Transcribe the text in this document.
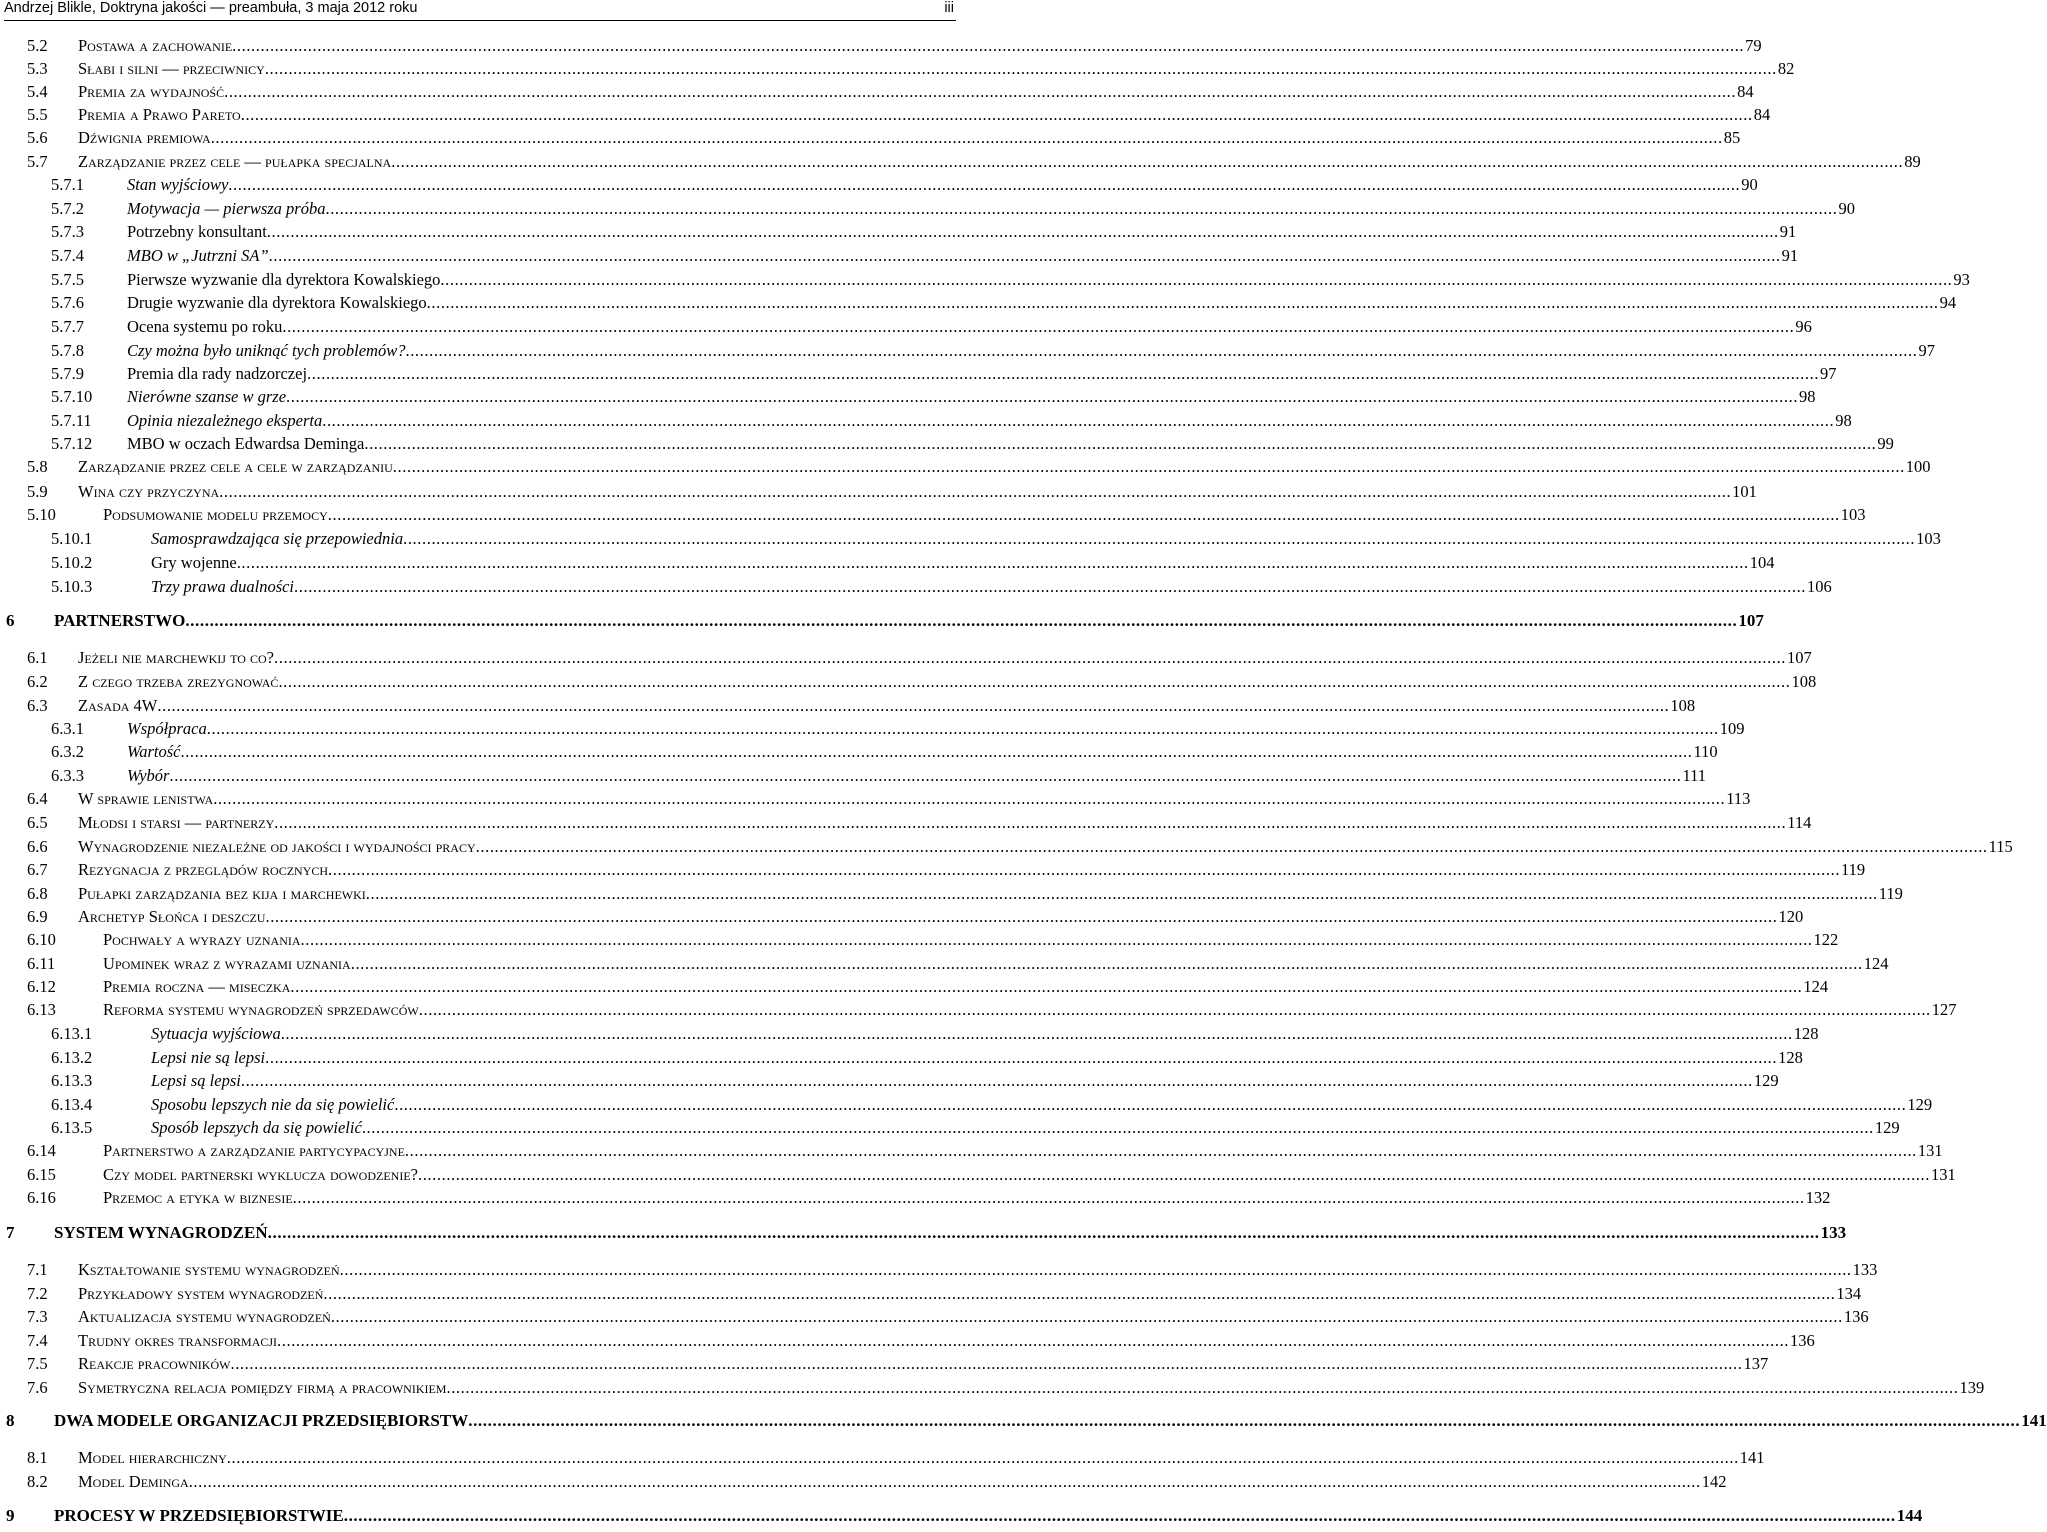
Andrzej Blikle, Doktryna jakości — preambuła, 3 maja 2012 roku	iii
5.2	Postawa a zachowanie .....	79
5.3	Słabi i silni — przeciwnicy .....	82
5.4	Premia za wydajność .....	84
5.5	Premia a Prawo Pareto .....	84
5.6	Dźwignia premiowa .....	85
5.7	Zarządzanie przez cele — pułapka specjalna .....	89
5.7.1	Stan wyjściowy .....	90
5.7.2	Motywacja — pierwsza próba .....	90
5.7.3	Potrzebny konsultant .....	91
5.7.4	MBO w „Jutrzni SA” .....	91
5.7.5	Pierwsze wyzwanie dla dyrektora Kowalskiego .....	93
5.7.6	Drugie wyzwanie dla dyrektora Kowalskiego .....	94
5.7.7	Ocena systemu po roku .....	96
5.7.8	Czy można było uniknąć tych problemów? .....	97
5.7.9	Premia dla rady nadzorczej .....	97
5.7.10	Nierówne szanse w grze .....	98
5.7.11	Opinia niezależnego eksperta .....	98
5.7.12	MBO w oczach Edwardsa Deminga .....	99
5.8	Zarządzanie przez cele a cele w zarządzaniu .....	100
5.9	Wina czy przyczyna .....	101
5.10	Podsumowanie modelu przemocy .....	103
5.10.1	Samosprawdzająca się przepowiednia .....	103
5.10.2	Gry wojenne .....	104
5.10.3	Trzy prawa dualności .....	106
6	PARTNERSTWO .....	107
6.1	Jeżeli nie marchewkij to co? .....	107
6.2	Z czego trzeba zrezygnować .....	108
6.3	Zasada 4W .....	108
6.3.1	Współpraca .....	109
6.3.2	Wartość .....	110
6.3.3	Wybór .....	111
6.4	W sprawie lenistwa .....	113
6.5	Młodsi i starsi — partnerzy .....	114
6.6	Wynagrodzenie niezależne od jakości i wydajności pracy .....	115
6.7	Rezygnacja z przeglądów rocznych .....	119
6.8	Pułapki zarządzania bez kija i marchewki .....	119
6.9	Archetyp Słońca i deszczu .....	120
6.10	Pochwały a wyrazy uznania .....	122
6.11	Upominek wraz z wyrazami uznania .....	124
6.12	Premia roczna — miseczka .....	124
6.13	Reforma systemu wynagrodzeń sprzedawców .....	127
6.13.1	Sytuacja wyjściowa .....	128
6.13.2	Lepsi nie są lepsi .....	128
6.13.3	Lepsi są lepsi .....	129
6.13.4	Sposobu lepszych nie da się powielić .....	129
6.13.5	Sposób lepszych da się powielić .....	129
6.14	Partnerstwo a zarządzanie partycypacyjne .....	131
6.15	Czy model partnerski wyklucza dowodzenie? .....	131
6.16	Przemoc a etyka w biznesie .....	132
7	SYSTEM WYNAGRODZEŃ .....	133
7.1	Kształtowanie systemu wynagrodzeń .....	133
7.2	Przykładowy system wynagrodzeń .....	134
7.3	Aktualizacja systemu wynagrodzeń .....	136
7.4	Trudny okres transformacji .....	136
7.5	Reakcje pracowników .....	137
7.6	Symetryczna relacja pomiędzy firmą a pracownikiem .....	139
8	DWA MODELE ORGANIZACJI PRZEDSIĘBIORSTW .....	141
8.1	Model hierarchiczny .....	141
8.2	Model Deminga .....	142
9	PROCESY W PRZEDSIĘBIORSTWIE .....	144
